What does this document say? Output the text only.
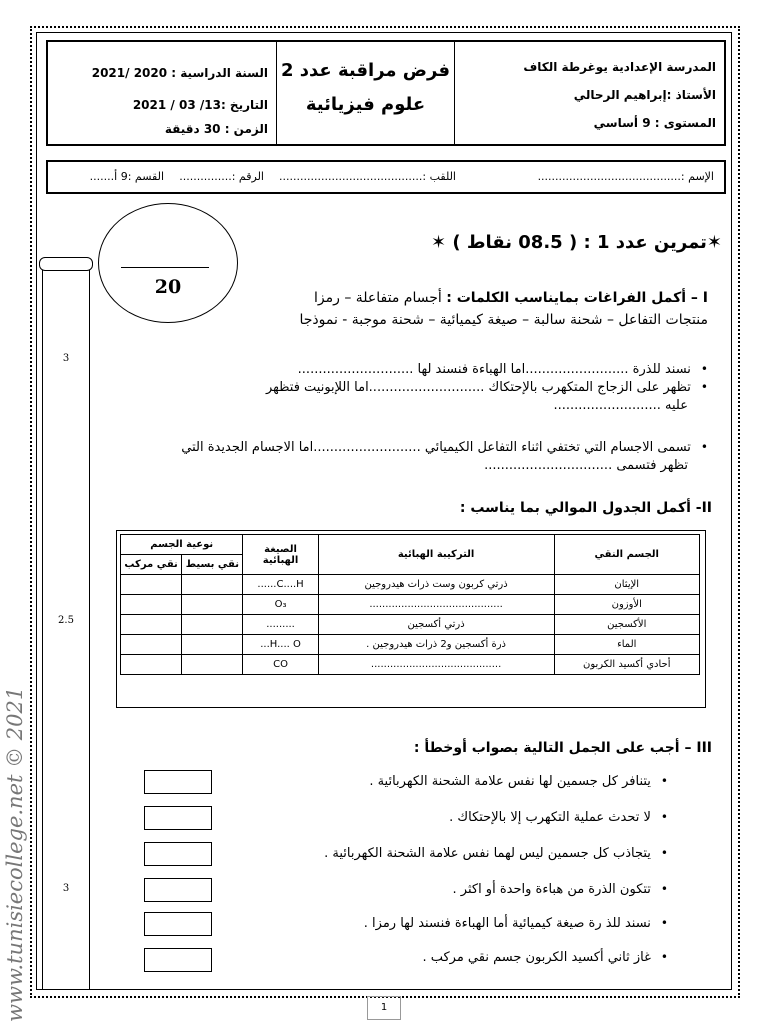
السنة الدراسية : 2020 /2021
التاريخ :13/ 03 / 2021
الزمن : 30 دقيقة
فرض مراقبة عدد 2
علوم فيزيائية
المدرسة الإعدادية يوغرطة الكاف
الأستاذ :إبراهيم الرحالي
المستوى : 9 أساسي
الإسم :.........................................
اللقب :.........................................
الرقم :...............
القسم :9 أ.......
20
3
2.5
3
www.tunisiecollege.net © 2021
✶تمرين عدد 1 : ( 08.5 نقاط ) ✶
I – أكمل الفراغات بمايناسب الكلمات : أجسام متفاعلة – رمزا
منتجات التفاعل – شحنة سالبة – صيغة كيميائية – شحنة موجبة - نموذجا
• نسند للذرة .........................اما الهباءة فنسند لها ............................
• تظهر على الزجاج المتكهرب بالإحتكاك ............................اما اللإبونيت فتظهر
عليه ..........................
• تسمى الاجسام التي تختفي اثناء التفاعل الكيميائي ..........................اما الاجسام الجديدة التي
تظهر فتسمى ...............................
II- أكمل الجدول الموالي بما يناسب :
الجسم النقي	التركيبة الهبائية	الصيغة الهبائية	نوعية الجسم	
			نقي بسيط	نقي مركب
الإيثان	ذرتي كربون وست ذرات هيدروجين	C....H......		
الأوزون	..........................................	O₃		
الأكسجين	ذرتي أكسجين	.........		
الماء	ذرة أكسجين و2 ذرات هيدروجين .	H.... O...		
أحادي أكسيد الكربون	.........................................	CO		
III – أجب على الجمل التالية بصواب أوخطأ :
• يتنافر كل جسمين لها نفس علامة الشحنة الكهربائية .
• لا تحدث عملية التكهرب إلا بالإحتكاك .
• يتجاذب كل جسمين ليس لهما نفس علامة الشحنة الكهربائية .
• تتكون الذرة من هباءة واحدة أو اكثر .
• نسند للذ رة صيغة كيميائية أما الهباءة فنسند لها رمزا .
• غاز ثاني أكسيد الكربون جسم نقي مركب .
1
